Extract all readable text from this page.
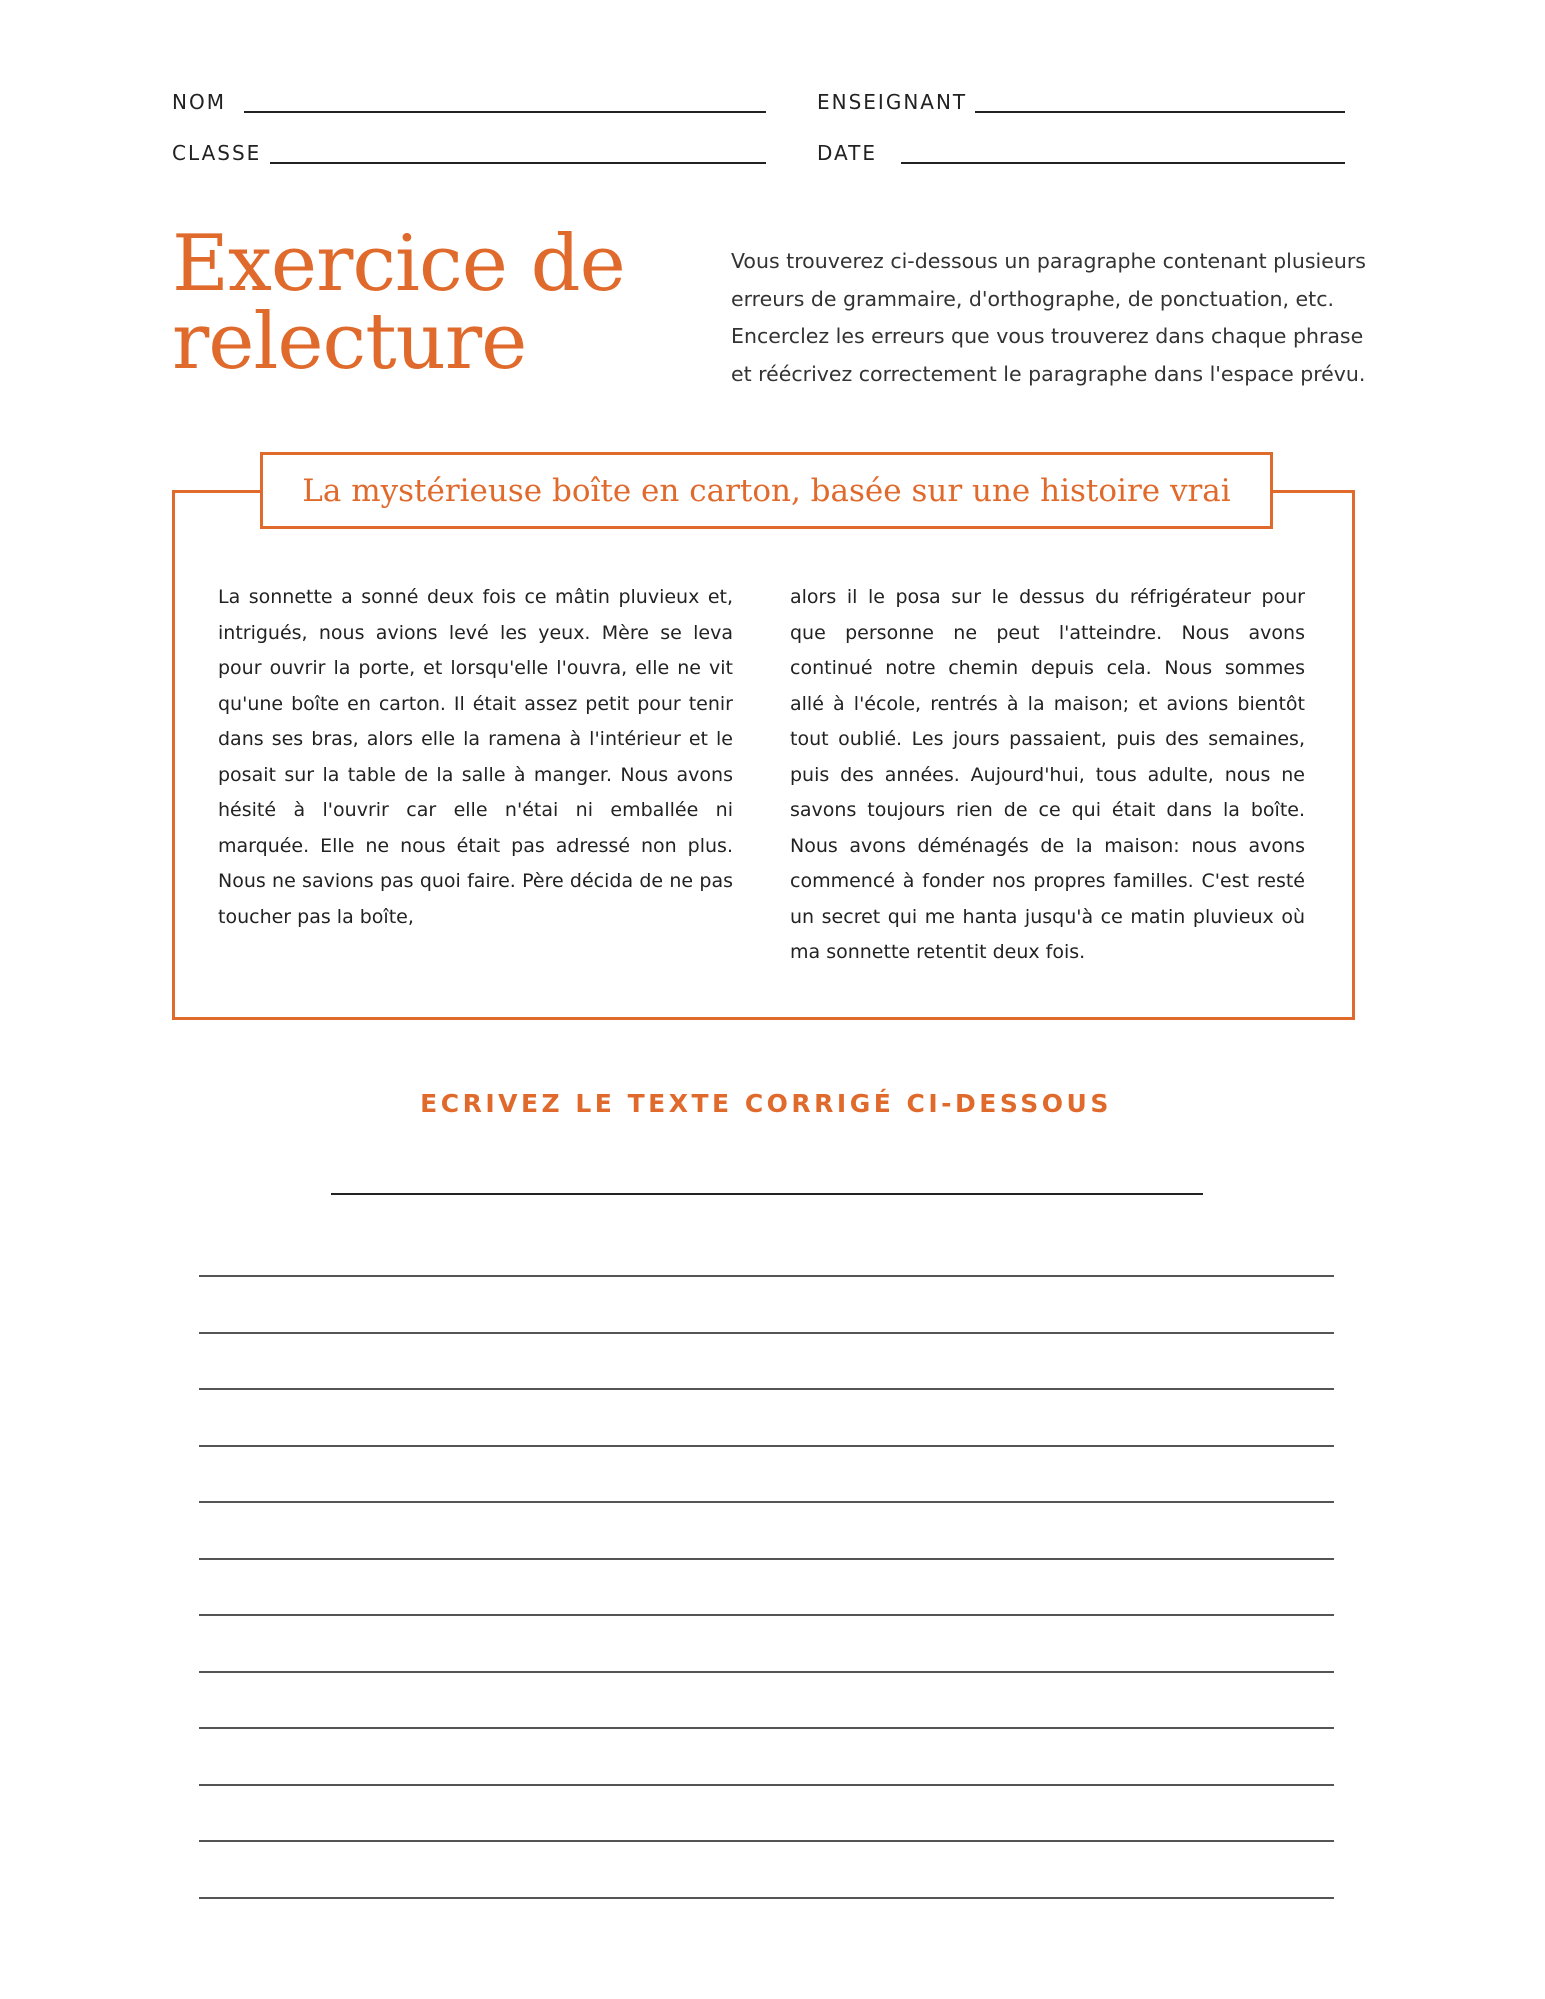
NOM	ENSEIGNANT
CLASSE	DATE
Exercice de relecture

Vous trouverez ci-dessous un paragraphe contenant plusieurs erreurs de grammaire, d'orthographe, de ponctuation, etc. Encerclez les erreurs que vous trouverez dans chaque phrase et réécrivez correctement le paragraphe dans l'espace prévu.

La mystérieuse boîte en carton, basée sur une histoire vrai

La sonnette a sonné deux fois ce mâtin pluvieux et, intrigués, nous avions levé les yeux. Mère se leva pour ouvrir la porte, et lorsqu'elle l'ouvra, elle ne vit qu'une boîte en carton. Il était assez petit pour tenir dans ses bras, alors elle la ramena à l'intérieur et le posait sur la table de la salle à manger. Nous avons hésité à l'ouvrir car elle n'étai ni emballée ni marquée. Elle ne nous était pas adressé non plus. Nous ne savions pas quoi faire. Père décida de ne pas toucher pas la boîte,

alors il le posa sur le dessus du réfrigérateur pour que personne ne peut l'atteindre. Nous avons continué notre chemin depuis cela. Nous sommes allé à l'école, rentrés à la maison; et avions bientôt tout oublié. Les jours passaient, puis des semaines, puis des années. Aujourd'hui, tous adulte, nous ne savons toujours rien de ce qui était dans la boîte. Nous avons déménagés de la maison: nous avons commencé à fonder nos propres familles. C'est resté un secret qui me hanta jusqu'à ce matin pluvieux où ma sonnette retentit deux fois.

ECRIVEZ LE TEXTE CORRIGÉ CI-DESSOUS
